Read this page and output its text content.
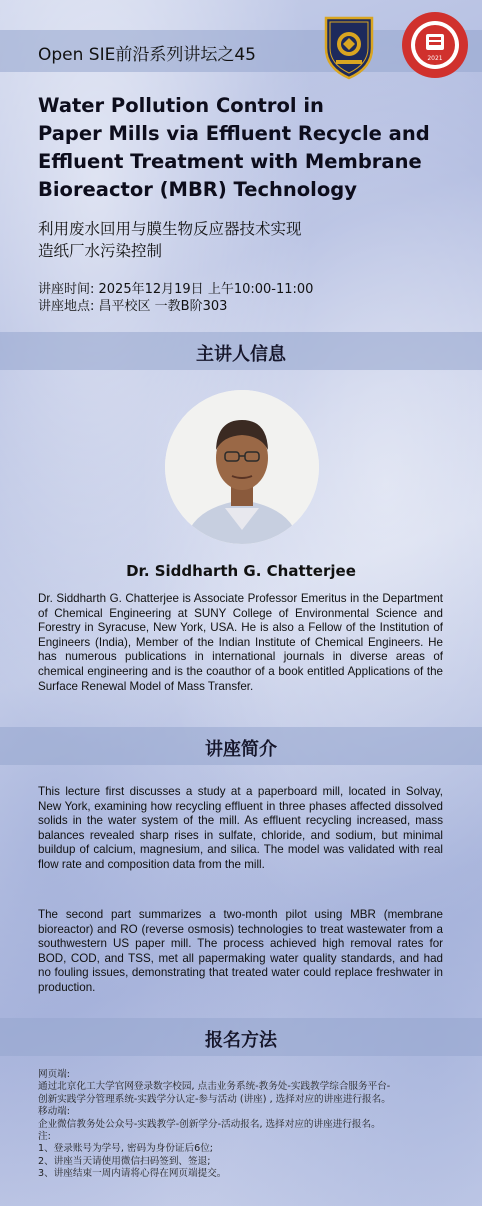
Open SIE前沿系列讲坛之45	2021
Water Pollution Control in
Paper Mills via Effluent Recycle and
Effluent Treatment with Membrane
Bioreactor (MBR) Technology
利用废水回用与膜生物反应器技术实现
造纸厂水污染控制
讲座时间: 2025年12月19日 上午10:00-11:00
讲座地点: 昌平校区 一教B阶303
主讲人信息
Dr. Siddharth G. Chatterjee
Dr. Siddharth G. Chatterjee is Associate Professor Emeritus in the Department of Chemical Engineering at SUNY College of Environmental Science and Forestry in Syracuse, New York, USA. He is also a Fellow of the Institution of Engineers (India), Member of the Indian Institute of Chemical Engineers. He has numerous publications in international journals in diverse areas of chemical engineering and is the coauthor of a book entitled Applications of the Surface Renewal Model of Mass Transfer.
讲座简介
This lecture first discusses a study at a paperboard mill, located in Solvay, New York, examining how recycling effluent in three phases affected dissolved solids in the water system of the mill. As effluent recycling increased, mass balances revealed sharp rises in sulfate, chloride, and sodium, but minimal buildup of calcium, magnesium, and silica. The model was validated with real flow rate and composition data from the mill.
The second part summarizes a two-month pilot using MBR (membrane bioreactor) and RO (reverse osmosis) technologies to treat wastewater from a southwestern US paper mill. The process achieved high removal rates for BOD, COD, and TSS, met all papermaking water quality standards, and had no fouling issues, demonstrating that treated water could replace freshwater in production.
报名方法
网页端:
通过北京化工大学官网登录数字校园, 点击业务系统-教务处-实践教学综合服务平台-
创新实践学分管理系统-实践学分认定-参与活动 (讲座) , 选择对应的讲座进行报名。
移动端:
企业微信教务处公众号-实践教学-创新学分-活动报名, 选择对应的讲座进行报名。
注:
1、登录账号为学号, 密码为身份证后6位;
2、讲座当天请使用微信扫码签到、签退;
3、讲座结束一周内请将心得在网页端提交。
